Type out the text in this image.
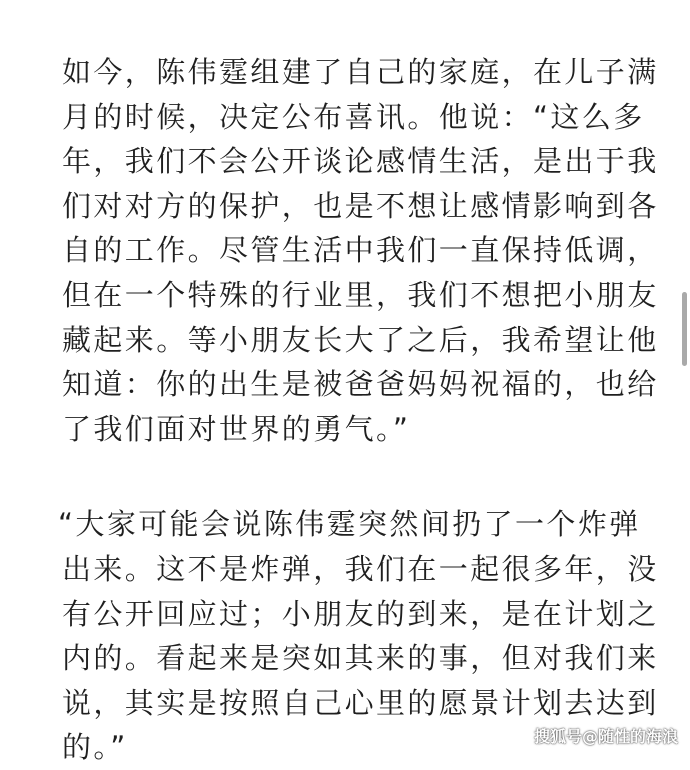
如今，陈伟霆组建了自己的家庭，在儿子满
月的时候，决定公布喜讯。他说：“这么多
年，我们不会公开谈论感情生活，是出于我
们对对方的保护，也是不想让感情影响到各
自的工作。尽管生活中我们一直保持低调，
但在一个特殊的行业里，我们不想把小朋友
藏起来。等小朋友长大了之后，我希望让他
知道：你的出生是被爸爸妈妈祝福的，也给
了我们面对世界的勇气。”

“大家可能会说陈伟霆突然间扔了一个炸弹
出来。这不是炸弹，我们在一起很多年，没
有公开回应过；小朋友的到来，是在计划之
内的。看起来是突如其来的事，但对我们来
说，其实是按照自己心里的愿景计划去达到
的。”	搜狐号@随性的海浪
